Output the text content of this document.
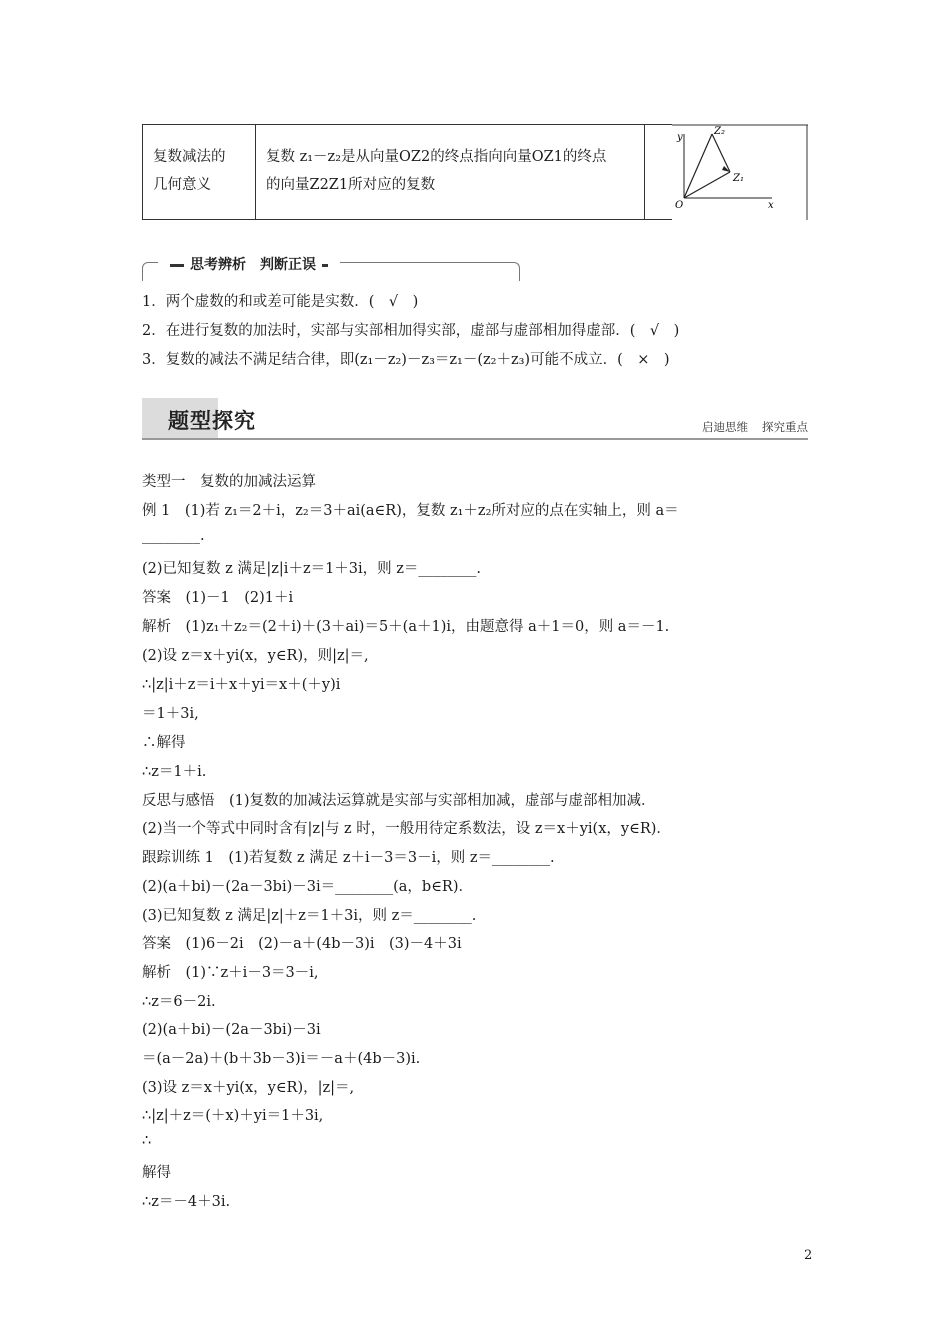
复数减法的
几何意义

复数 z₁－z₂是从向量OZ2的终点指向向量OZ1的终点
的向量Z2Z1所对应的复数

y
x
O
Z₂
Z₁
思考辨析　判断正误
1．两个虚数的和或差可能是实数．(　√　)
2．在进行复数的加法时，实部与实部相加得实部，虚部与虚部相加得虚部．(　√　)
3．复数的减法不满足结合律，即(z₁－z₂)－z₃＝z₁－(z₂＋z₃)可能不成立．(　×　)
题型探究	启迪思维 探究重点
类型一　复数的加减法运算
例 1　(1)若 z₁＝2＋i，z₂＝3＋ai(a∈R)，复数 z₁＋z₂所对应的点在实轴上，则 a＝
________.
(2)已知复数 z 满足|z|i＋z＝1＋3i，则 z＝________.
答案　(1)－1　(2)1＋i
解析　(1)z₁＋z₂＝(2＋i)＋(3＋ai)＝5＋(a＋1)i，由题意得 a＋1＝0，则 a＝－1.
(2)设 z＝x＋yi(x，y∈R)，则|z|＝,
∴|z|i＋z＝i＋x＋yi＝x＋(＋y)i
＝1＋3i,
∴解得
∴z＝1＋i.
反思与感悟　(1)复数的加减法运算就是实部与实部相加减，虚部与虚部相加减．
(2)当一个等式中同时含有|z|与 z 时，一般用待定系数法，设 z＝x＋yi(x，y∈R)．
跟踪训练 1　(1)若复数 z 满足 z＋i－3＝3－i，则 z＝________.
(2)(a＋bi)－(2a－3bi)－3i＝________(a，b∈R)．
(3)已知复数 z 满足|z|＋z＝1＋3i，则 z＝________.
答案　(1)6－2i　(2)－a＋(4b－3)i　(3)－4＋3i
解析　(1)∵z＋i－3＝3－i,
∴z＝6－2i.
(2)(a＋bi)－(2a－3bi)－3i
＝(a－2a)＋(b＋3b－3)i＝－a＋(4b－3)i.
(3)设 z＝x＋yi(x，y∈R)，|z|＝,
∴|z|＋z＝(＋x)＋yi＝1＋3i,
∴
解得
∴z＝－4＋3i.
2
